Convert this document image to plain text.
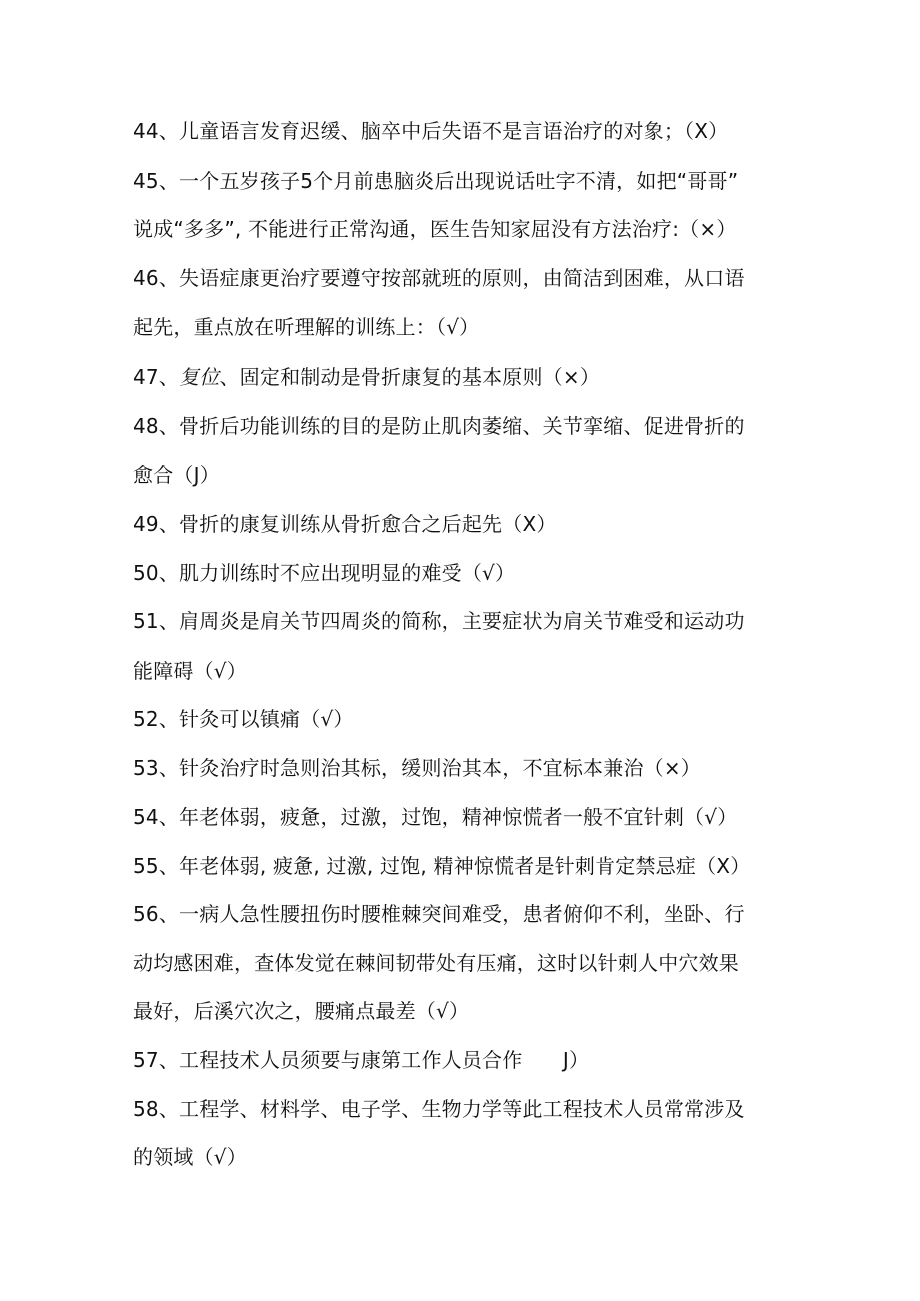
44、儿童语言发育迟缓、脑卒中后失语不是言语治疗的对象；（X）
45、一个五岁孩子5个月前患脑炎后出现说话吐字不清，如把“哥哥”
说成“多多”, 不能进行正常沟通，医生告知家屈没有方法治疗:（×）
46、失语症康更治疗要遵守按部就班的原则，由简洁到困难，从口语
起先，重点放在听理解的训练上：（√）
47、复位、固定和制动是骨折康复的基本原则（×）
48、骨折后功能训练的目的是防止肌肉萎缩、关节挛缩、促进骨折的
愈合（J）
49、骨折的康复训练从骨折愈合之后起先（X）
50、肌力训练时不应出现明显的难受（√）
51、肩周炎是肩关节四周炎的简称，主要症状为肩关节难受和运动功
能障碍（√）
52、针灸可以镇痛（√）
53、针灸治疗时急则治其标，缓则治其本，不宜标本兼治（×）
54、年老体弱，疲惫，过激，过饱，精神惊慌者一般不宜针刺（√）
55、年老体弱, 疲惫, 过激, 过饱, 精神惊慌者是针刺肯定禁忌症（X）
56、一病人急性腰扭伤时腰椎棘突间难受，患者俯仰不利，坐卧、行
动均感困难，查体发觉在棘间韧带处有压痛，这时以针刺人中穴效果
最好，后溪穴次之，腰痛点最差（√）
57、工程技术人员须要与康第工作人员合作　　J）
58、工程学、材料学、电子学、生物力学等此工程技术人员常常涉及
的领域（√）
